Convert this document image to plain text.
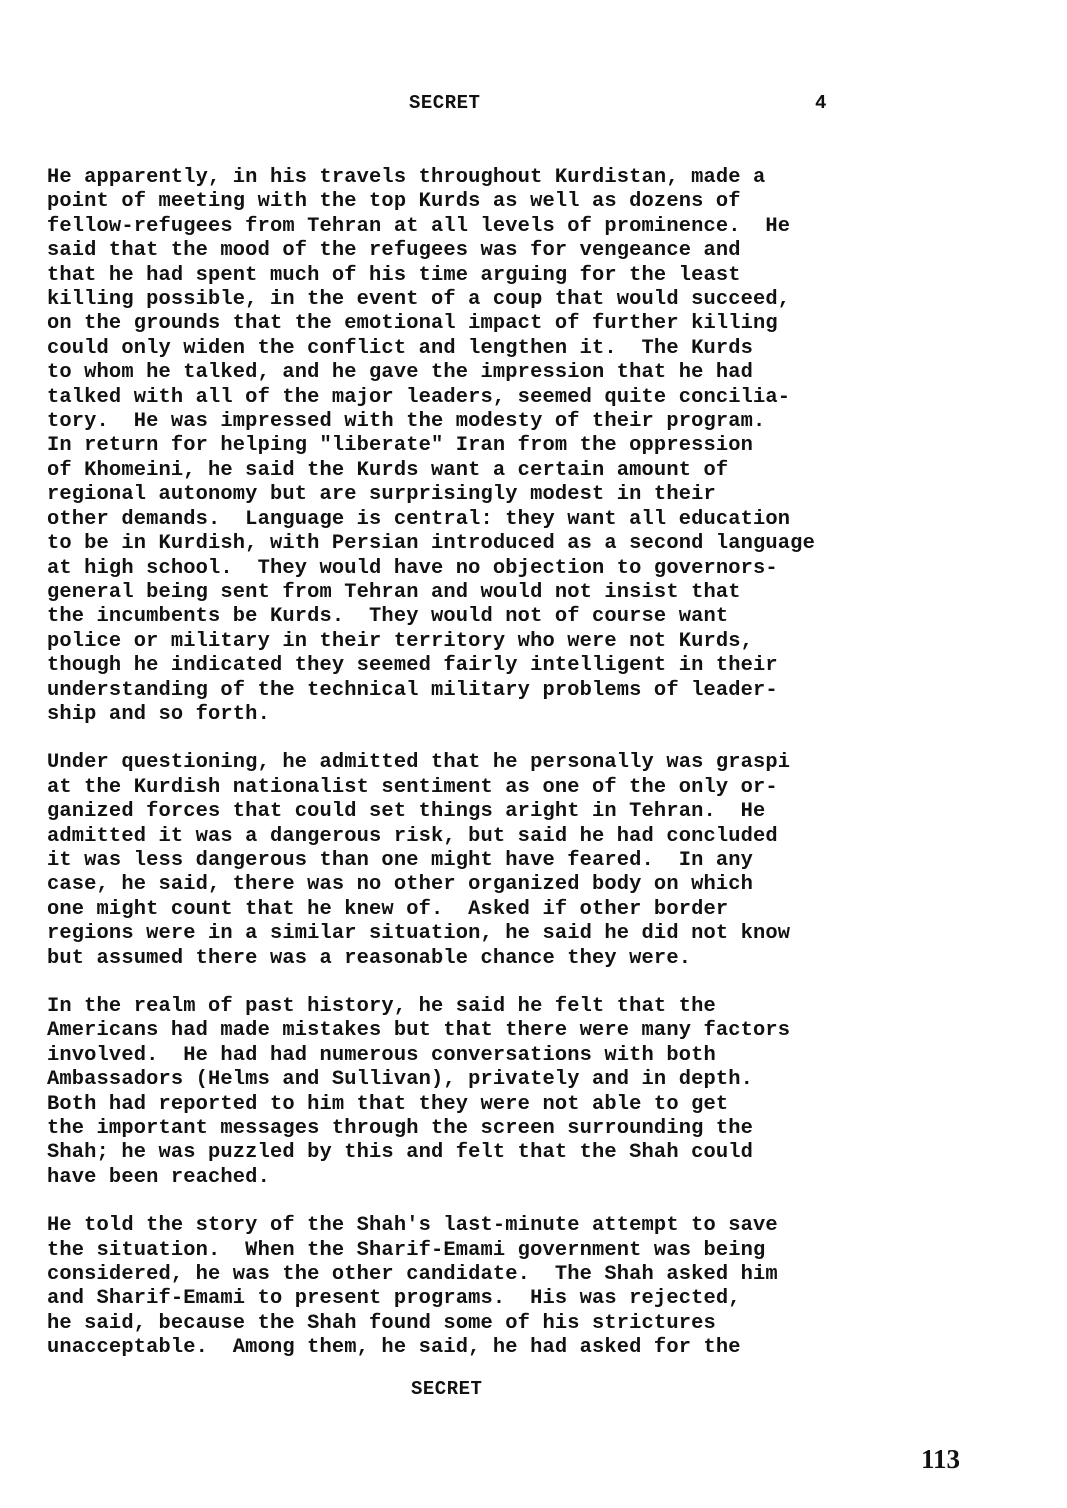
SECRET	4
He apparently, in his travels throughout Kurdistan, made a
point of meeting with the top Kurds as well as dozens of
fellow-refugees from Tehran at all levels of prominence.  He
said that the mood of the refugees was for vengeance and
that he had spent much of his time arguing for the least
killing possible, in the event of a coup that would succeed,
on the grounds that the emotional impact of further killing
could only widen the conflict and lengthen it.  The Kurds
to whom he talked, and he gave the impression that he had
talked with all of the major leaders, seemed quite concilia-
tory.  He was impressed with the modesty of their program.
In return for helping "liberate" Iran from the oppression
of Khomeini, he said the Kurds want a certain amount of
regional autonomy but are surprisingly modest in their
other demands.  Language is central: they want all education
to be in Kurdish, with Persian introduced as a second language
at high school.  They would have no objection to governors-
general being sent from Tehran and would not insist that
the incumbents be Kurds.  They would not of course want
police or military in their territory who were not Kurds,
though he indicated they seemed fairly intelligent in their
understanding of the technical military problems of leader-
ship and so forth.
Under questioning, he admitted that he personally was graspi
at the Kurdish nationalist sentiment as one of the only or-
ganized forces that could set things aright in Tehran.  He
admitted it was a dangerous risk, but said he had concluded
it was less dangerous than one might have feared.  In any
case, he said, there was no other organized body on which
one might count that he knew of.  Asked if other border
regions were in a similar situation, he said he did not know
but assumed there was a reasonable chance they were.
In the realm of past history, he said he felt that the
Americans had made mistakes but that there were many factors
involved.  He had had numerous conversations with both
Ambassadors (Helms and Sullivan), privately and in depth.
Both had reported to him that they were not able to get
the important messages through the screen surrounding the
Shah; he was puzzled by this and felt that the Shah could
have been reached.
He told the story of the Shah's last-minute attempt to save
the situation.  When the Sharif-Emami government was being
considered, he was the other candidate.  The Shah asked him
and Sharif-Emami to present programs.  His was rejected,
he said, because the Shah found some of his strictures
unacceptable.  Among them, he said, he had asked for the
SECRET
113
